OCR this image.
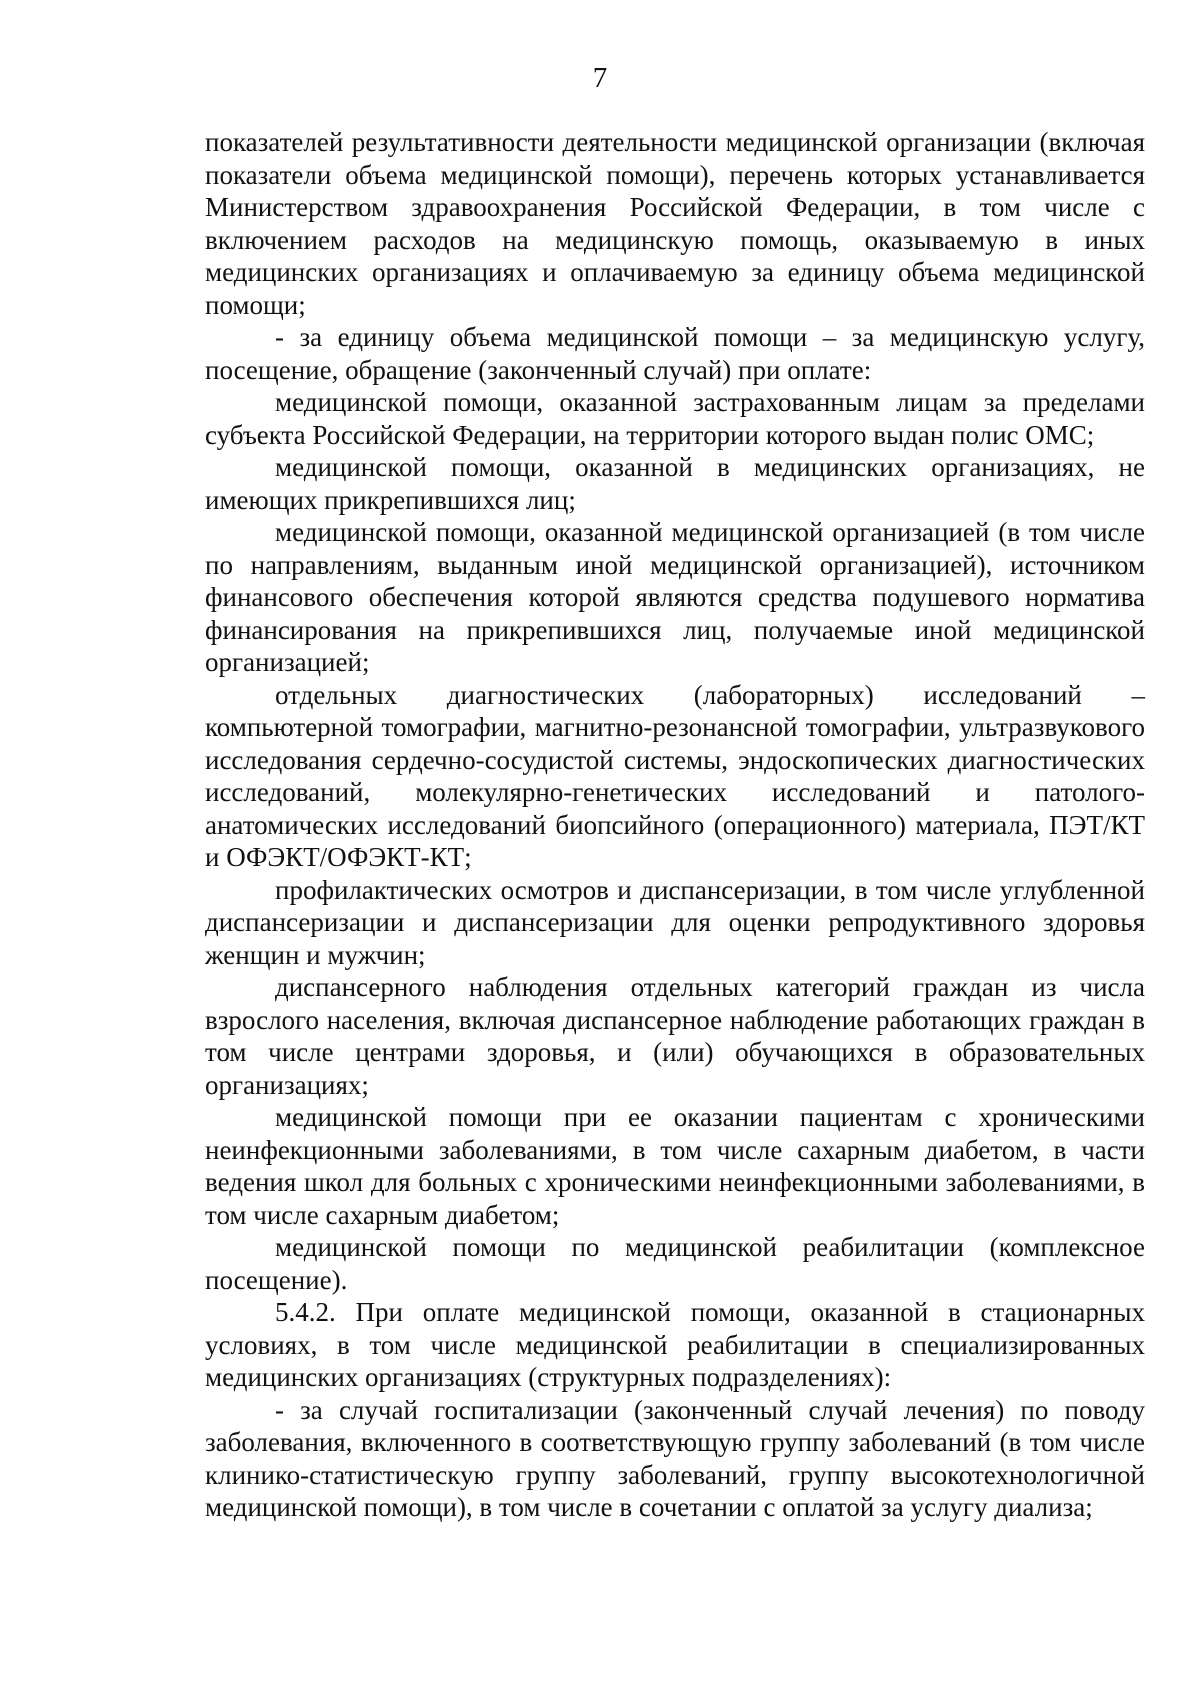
7

показателей результативности деятельности медицинской организации (включая показатели объема медицинской помощи), перечень которых устанавливается Министерством здравоохранения Российской Федерации, в том числе с включением расходов на медицинскую помощь, оказываемую в иных медицинских организациях и оплачиваемую за единицу объема медицинской помощи;

- за единицу объема медицинской помощи – за медицинскую услугу, посещение, обращение (законченный случай) при оплате:

медицинской помощи, оказанной застрахованным лицам за пределами субъекта Российской Федерации, на территории которого выдан полис ОМС;

медицинской помощи, оказанной в медицинских организациях, не имеющих прикрепившихся лиц;

медицинской помощи, оказанной медицинской организацией (в том числе по направлениям, выданным иной медицинской организацией), источником финансового обеспечения которой являются средства подушевого норматива финансирования на прикрепившихся лиц, получаемые иной медицинской организацией;

отдельных диагностических (лабораторных) исследований – компьютерной томографии, магнитно-резонансной томографии, ультразвукового исследования сердечно-сосудистой системы, эндоскопических диагностических исследований, молекулярно-генетических исследований и патолого-анатомических исследований биопсийного (операционного) материала, ПЭТ/КТ и ОФЭКТ/ОФЭКТ-КТ;

профилактических осмотров и диспансеризации, в том числе углубленной диспансеризации и диспансеризации для оценки репродуктивного здоровья женщин и мужчин;

диспансерного наблюдения отдельных категорий граждан из числа взрослого населения, включая диспансерное наблюдение работающих граждан в том числе центрами здоровья, и (или) обучающихся в образовательных организациях;

медицинской помощи при ее оказании пациентам с хроническими неинфекционными заболеваниями, в том числе сахарным диабетом, в части ведения школ для больных с хроническими неинфекционными заболеваниями, в том числе сахарным диабетом;

медицинской помощи по медицинской реабилитации (комплексное посещение).

5.4.2. При оплате медицинской помощи, оказанной в стационарных условиях, в том числе медицинской реабилитации в специализированных медицинских организациях (структурных подразделениях):

- за случай госпитализации (законченный случай лечения) по поводу заболевания, включенного в соответствующую группу заболеваний (в том числе клинико-статистическую группу заболеваний, группу высокотехнологичной медицинской помощи), в том числе в сочетании с оплатой за услугу диализа;
